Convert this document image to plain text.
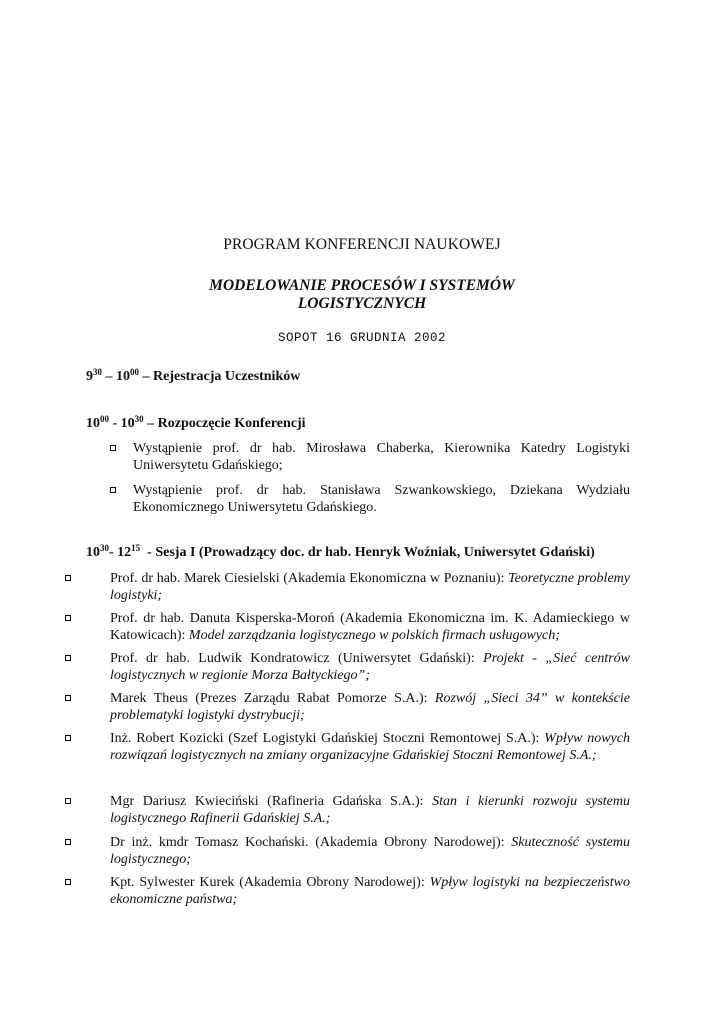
PROGRAM KONFERENCJI NAUKOWEJ
MODELOWANIE PROCESÓW I SYSTEMÓW
LOGISTYCZNYCH
SOPOT 16 GRUDNIA 2002
$9^{30} - 10^{00}$ – Rejestracja Uczestników
$10^{00} - 10^{30}$ – Rozpoczęcie Konferencji
Wystąpienie prof. dr hab. Mirosława Chaberka, Kierownika Katedry Logistyki Uniwersytetu Gdańskiego;
Wystąpienie prof. dr hab. Stanisława Szwankowskiego, Dziekana Wydziału Ekonomicznego Uniwersytetu Gdańskiego.
$10^{30}-$ $12^{15}$  - Sesja I (Prowadzący doc. dr hab. Henryk Woźniak, Uniwersytet Gdański)
Prof. dr hab. Marek Ciesielski (Akademia Ekonomiczna w Poznaniu): Teoretyczne problemy logistyki;
Prof. dr hab. Danuta Kisperska-Moroń (Akademia Ekonomiczna im. K. Adamieckiego w Katowicach): Model zarządzania logistycznego w polskich firmach usługowych;
Prof. dr hab. Ludwik Kondratowicz (Uniwersytet Gdański): Projekt - „Sieć centrów logistycznych w regionie Morza Bałtyckiego”;
Marek Theus (Prezes Zarządu Rabat Pomorze S.A.): Rozwój „Sieci 34” w kontekście problematyki logistyki dystrybucji;
Inż. Robert Kozicki (Szef Logistyki Gdańskiej Stoczni Remontowej S.A.): Wpływ nowych rozwiązań logistycznych na zmiany organizacyjne Gdańskiej Stoczni Remontowej S.A.;
Mgr Dariusz Kwieciński (Rafineria Gdańska S.A.): Stan i kierunki rozwoju systemu logistycznego Rafinerii Gdańskiej S.A.;
Dr inż. kmdr Tomasz Kochański. (Akademia Obrony Narodowej): Skuteczność systemu logistycznego;
Kpt. Sylwester Kurek (Akademia Obrony Narodowej): Wpływ logistyki na bezpieczeństwo ekonomiczne państwa;
